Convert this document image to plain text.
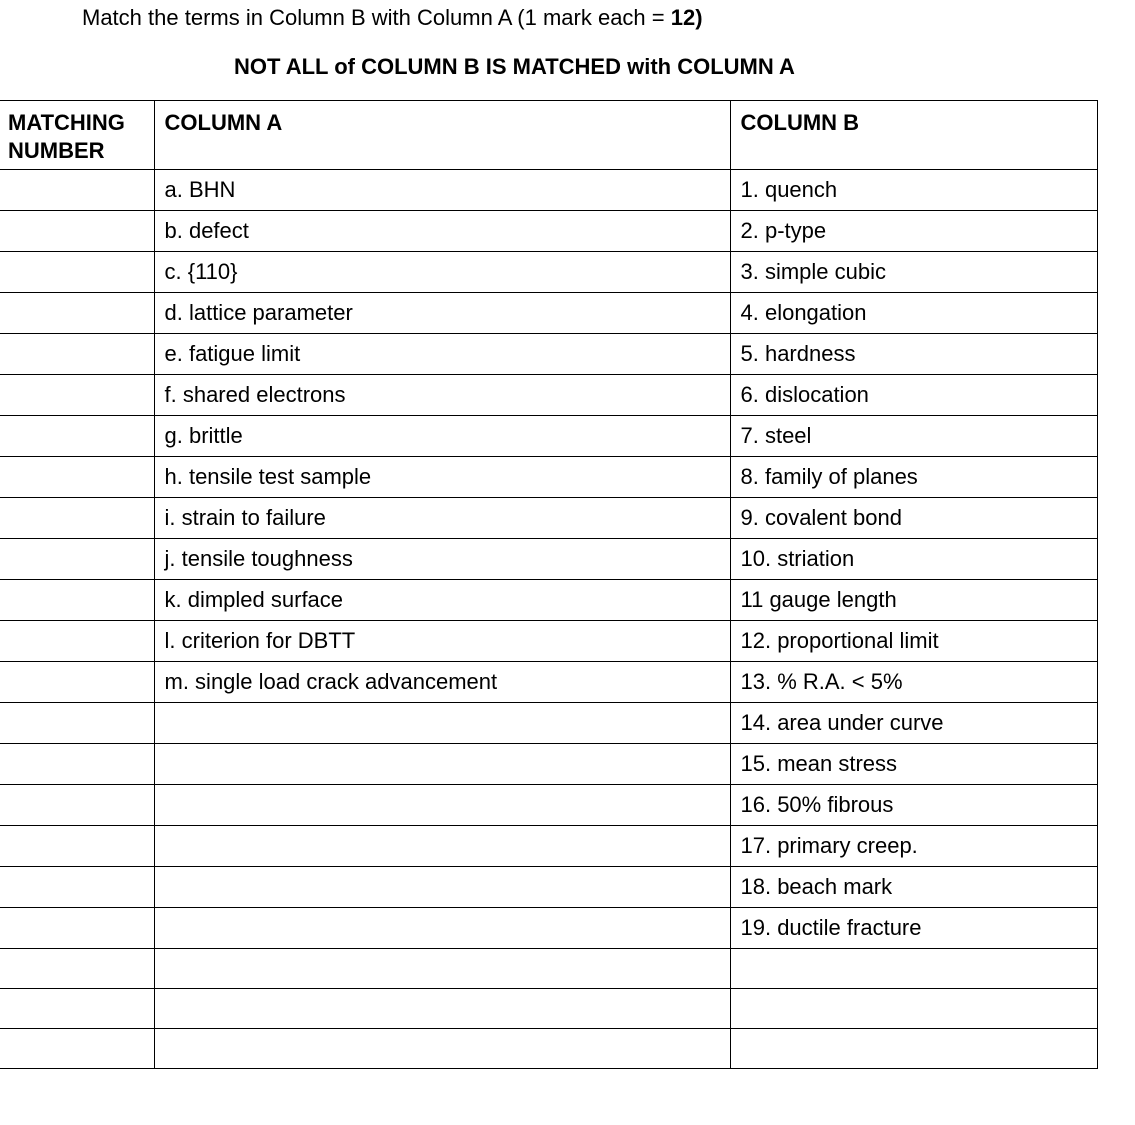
Match the terms in Column B with Column A (1 mark each = 12)
NOT ALL of COLUMN B IS MATCHED with COLUMN A
MATCHING
NUMBER	COLUMN A	COLUMN B
	a. BHN	1. quench
	b. defect	2. p-type
	c. {110}	3. simple cubic
	d. lattice parameter	4. elongation
	e. fatigue limit	5. hardness
	f. shared electrons	6. dislocation
	g. brittle	7. steel
	h. tensile test sample	8. family of planes
	i. strain to failure	9. covalent bond
	j. tensile toughness	10. striation
	k. dimpled surface	11 gauge length
	l. criterion for DBTT	12. proportional limit
	m. single load crack advancement	13. % R.A. < 5%
		14. area under curve
		15. mean stress
		16. 50% fibrous
		17. primary creep.
		18. beach mark
		19. ductile fracture
